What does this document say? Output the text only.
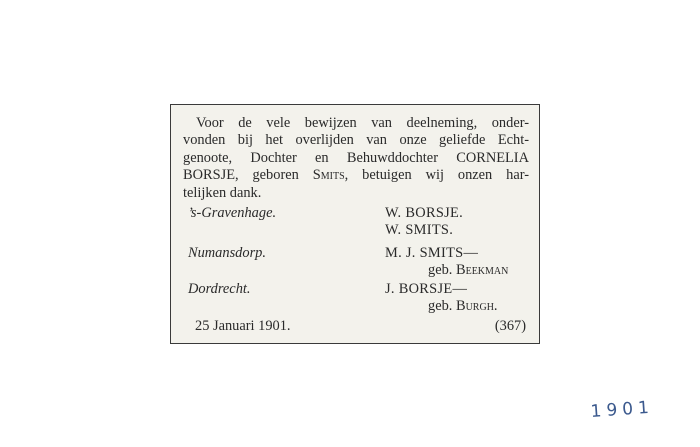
Voor de vele bewijzen van deelneming, onder-
vonden bij het overlijden van onze geliefde Echt-
genoote, Dochter en Behuwddochter CORNELIA
BORSJE, geboren Smits, betuigen wij onzen har-
telijken dank.
’s-Gravenhage.	W. BORSJE.
W. SMITS.
Numansdorp.	M. J. SMITS—
geb. Beekman
Dordrecht.	J. BORSJE—
geb. Burgh.
25 Januari 1901.	(367)
1901
